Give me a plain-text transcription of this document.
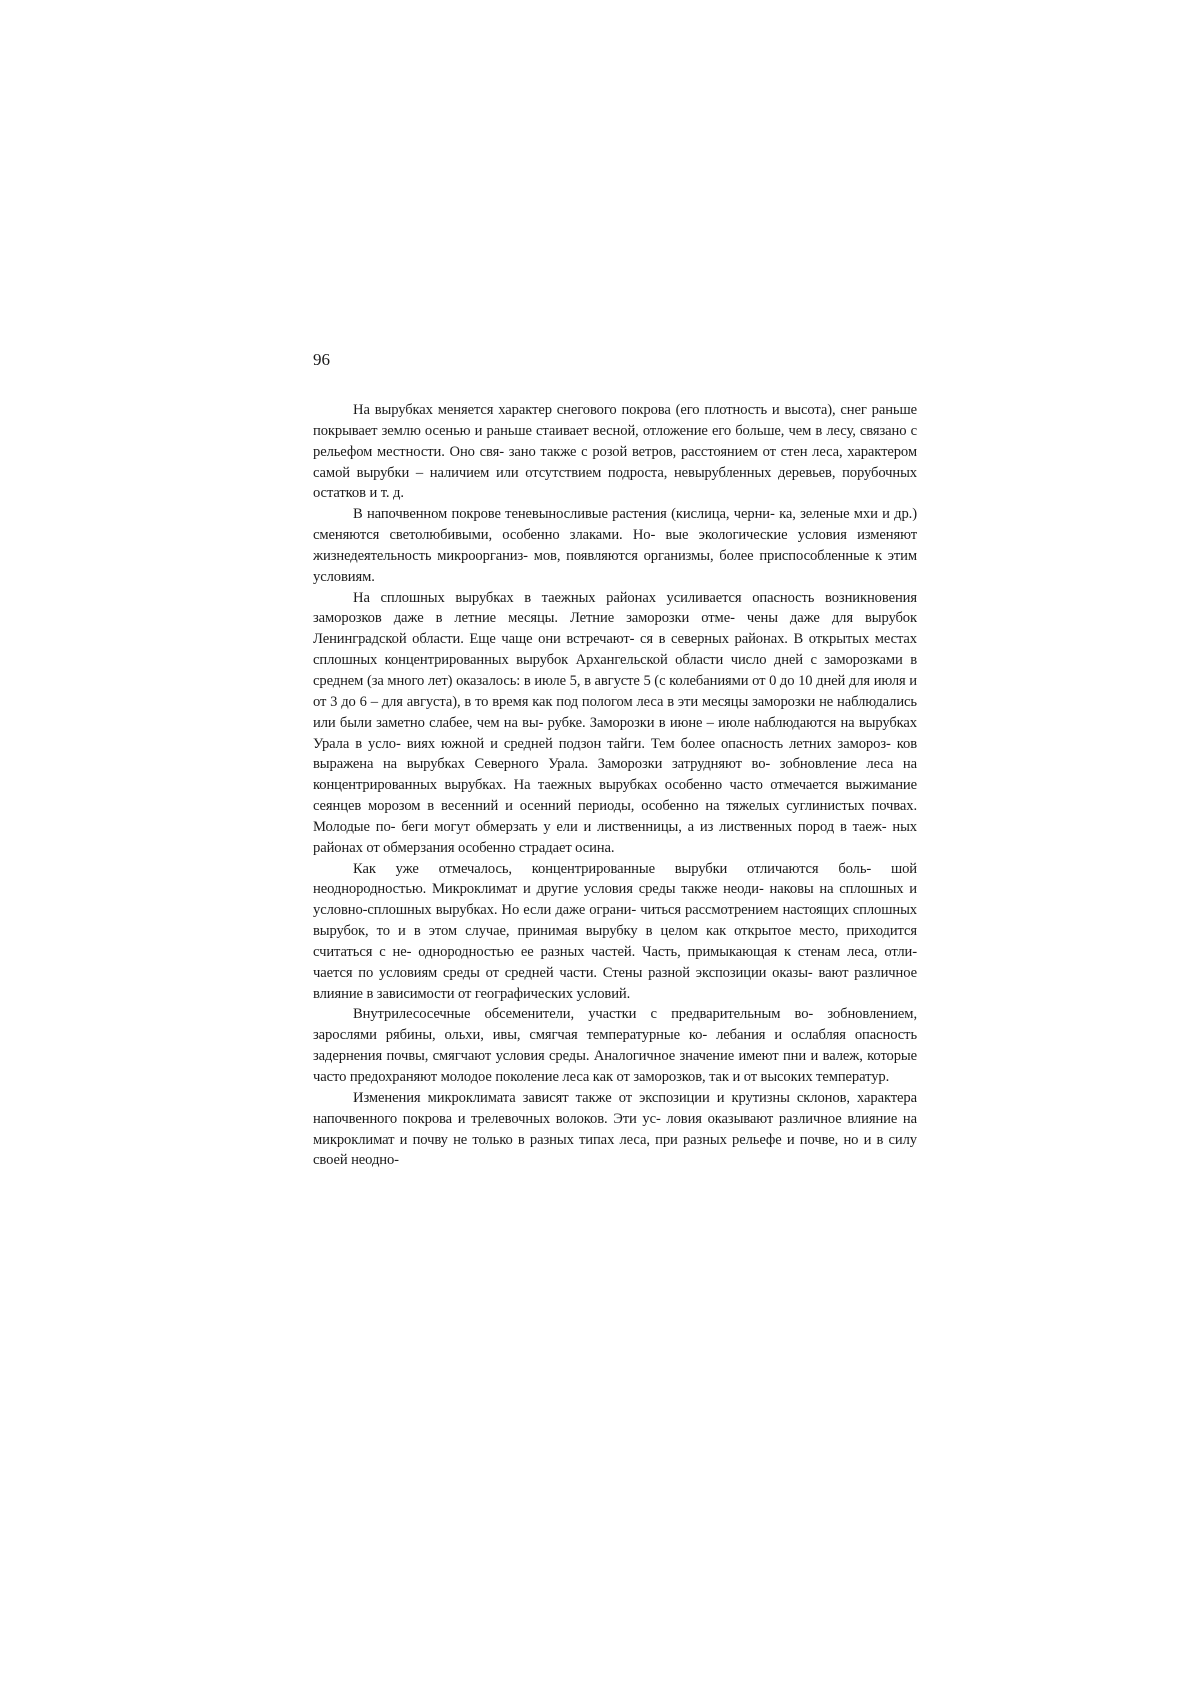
96

На вырубках меняется характер снегового покрова (его плотность и высота), снег раньше покрывает землю осенью и раньше стаивает весной, отложение его больше, чем в лесу, связано с рельефом местности. Оно свя- зано также с розой ветров, расстоянием от стен леса, характером самой вырубки – наличием или отсутствием подроста, невырубленных деревьев, порубочных остатков и т. д.

В напочвенном покрове теневыносливые растения (кислица, черни- ка, зеленые мхи и др.) сменяются светолюбивыми, особенно злаками. Но- вые экологические условия изменяют жизнедеятельность микроорганиз- мов, появляются организмы, более приспособленные к этим условиям.

На сплошных вырубках в таежных районах усиливается опасность возникновения заморозков даже в летние месяцы. Летние заморозки отме- чены даже для вырубок Ленинградской области. Еще чаще они встречают- ся в северных районах. В открытых местах сплошных концентрированных вырубок Архангельской области число дней с заморозками в среднем (за много лет) оказалось: в июле 5, в августе 5 (с колебаниями от 0 до 10 дней для июля и от 3 до 6 – для августа), в то время как под пологом леса в эти месяцы заморозки не наблюдались или были заметно слабее, чем на вы- рубке. Заморозки в июне – июле наблюдаются на вырубках Урала в усло- виях южной и средней подзон тайги. Тем более опасность летних замороз- ков выражена на вырубках Северного Урала. Заморозки затрудняют во- зобновление леса на концентрированных вырубках. На таежных вырубках особенно часто отмечается выжимание сеянцев морозом в весенний и осенний периоды, особенно на тяжелых суглинистых почвах. Молодые по- беги могут обмерзать у ели и лиственницы, а из лиственных пород в таеж- ных районах от обмерзания особенно страдает осина.

Как уже отмечалось, концентрированные вырубки отличаются боль- шой неоднородностью. Микроклимат и другие условия среды также неоди- наковы на сплошных и условно-сплошных вырубках. Но если даже ограни- читься рассмотрением настоящих сплошных вырубок, то и в этом случае, принимая вырубку в целом как открытое место, приходится считаться с не- однородностью ее разных частей. Часть, примыкающая к стенам леса, отли- чается по условиям среды от средней части. Стены разной экспозиции оказы- вают различное влияние в зависимости от географических условий.

Внутрилесосечные обсеменители, участки с предварительным во- зобновлением, зарослями рябины, ольхи, ивы, смягчая температурные ко- лебания и ослабляя опасность задернения почвы, смягчают условия среды. Аналогичное значение имеют пни и валеж, которые часто предохраняют молодое поколение леса как от заморозков, так и от высоких температур.

Изменения микроклимата зависят также от экспозиции и крутизны склонов, характера напочвенного покрова и трелевочных волоков. Эти ус- ловия оказывают различное влияние на микроклимат и почву не только в разных типах леса, при разных рельефе и почве, но и в силу своей неодно-
